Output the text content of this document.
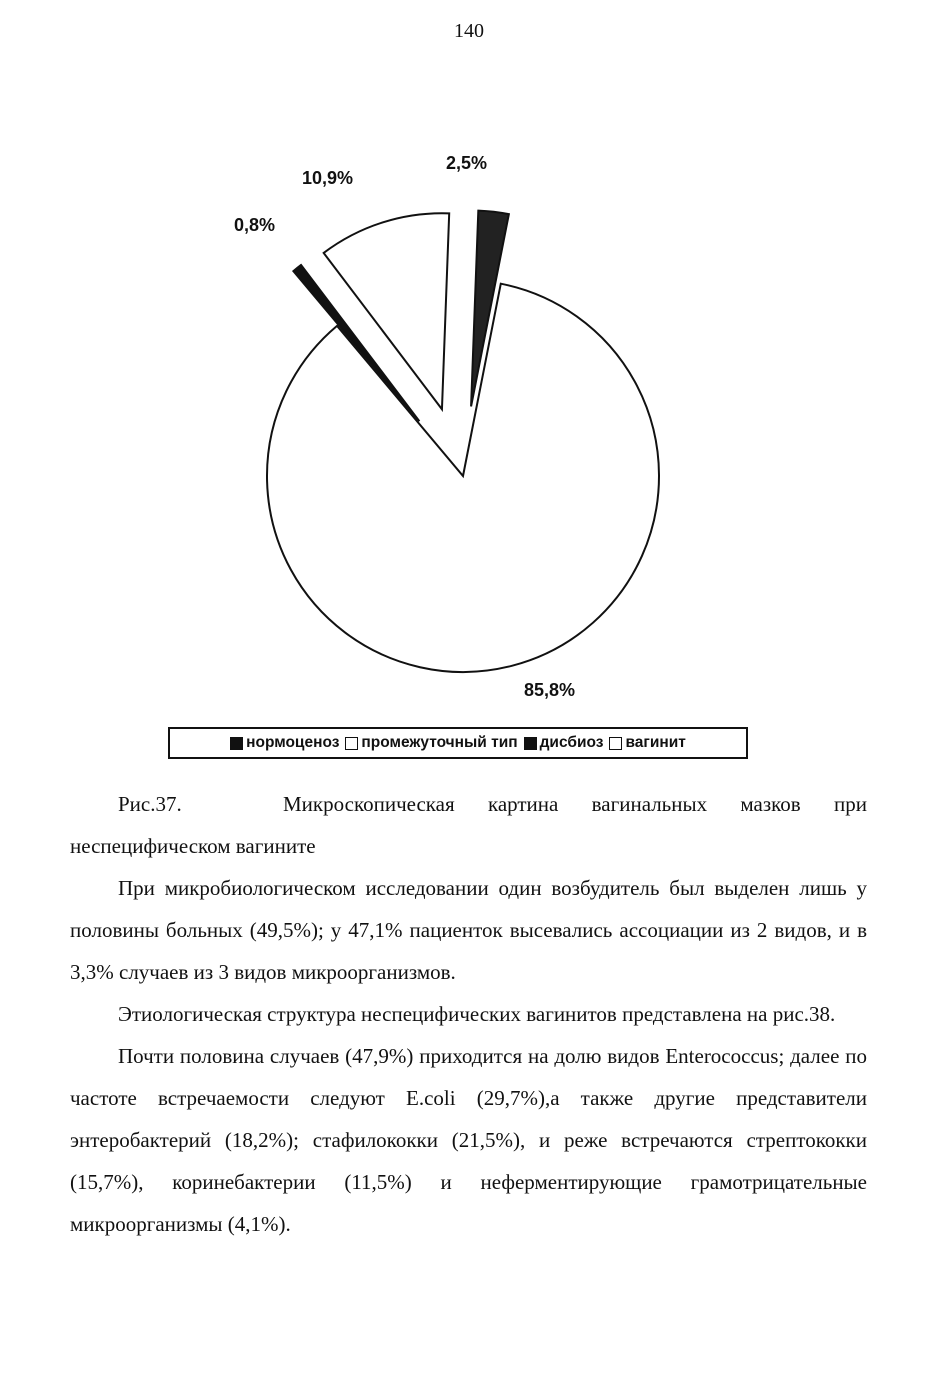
140
0,8%
10,9%
2,5%
85,8%
нормоценоз промежуточный тип дисбиоз вагинит

Рис.37.	Микроскопическая картина вагинальных мазков при неспецифическом вагините

При микробиологическом исследовании один возбудитель был выделен лишь у половины больных (49,5%); у 47,1% пациенток высевались ассоциации из 2 видов, и в 3,3% случаев из 3 видов микроорганизмов.

Этиологическая структура неспецифических вагинитов представлена на рис.38.

Почти половина случаев (47,9%) приходится на долю видов Enterococcus; далее по частоте встречаемости следуют E.coli (29,7%),а также другие представители энтеробактерий (18,2%); стафилококки (21,5%), и реже встречаются стрептококки (15,7%), коринебактерии (11,5%) и неферментирующие грамотрицательные микроорганизмы (4,1%).
